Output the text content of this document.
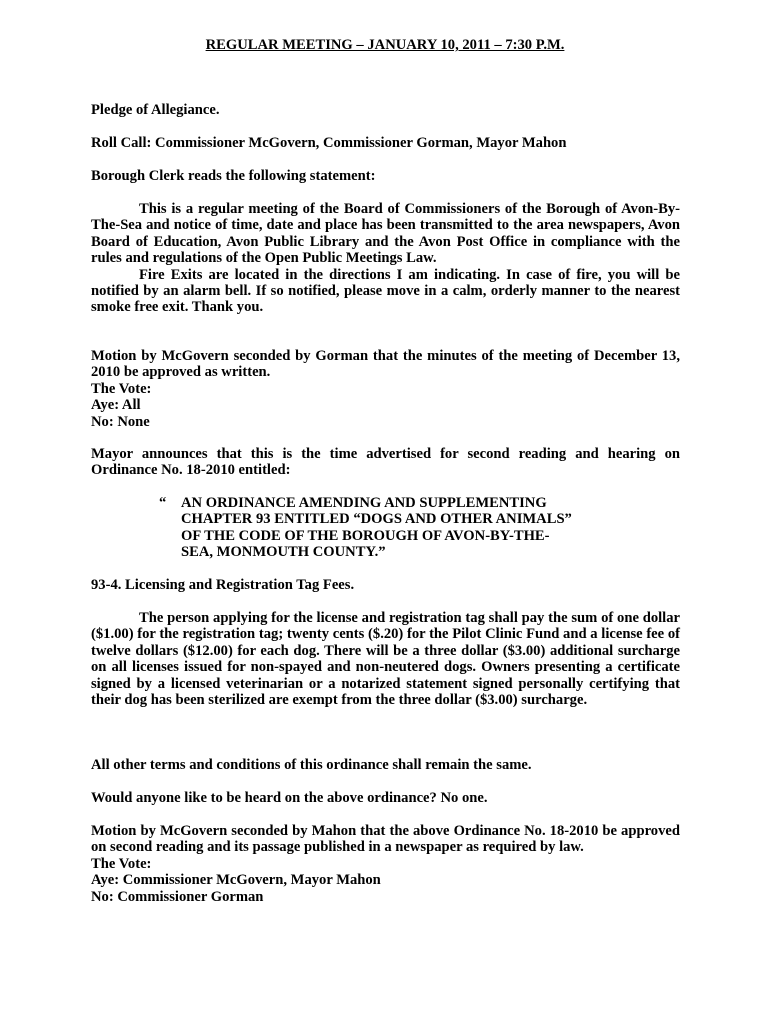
REGULAR MEETING – JANUARY 10, 2011 – 7:30 P.M.

Pledge of Allegiance.

Roll Call: Commissioner McGovern, Commissioner Gorman, Mayor Mahon

Borough Clerk reads the following statement:

This is a regular meeting of the Board of Commissioners of the Borough of Avon-By-The-Sea and notice of time, date and place has been transmitted to the area newspapers, Avon Board of Education, Avon Public Library and the Avon Post Office in compliance with the rules and regulations of the Open Public Meetings Law.

Fire Exits are located in the directions I am indicating. In case of fire, you will be notified by an alarm bell. If so notified, please move in a calm, orderly manner to the nearest smoke free exit. Thank you.

Motion by McGovern seconded by Gorman that the minutes of the meeting of December 13, 2010 be approved as written.
The Vote:
Aye: All
No: None

Mayor announces that this is the time advertised for second reading and hearing on Ordinance No. 18-2010 entitled:

“ AN ORDINANCE AMENDING AND SUPPLEMENTING
CHAPTER 93 ENTITLED “DOGS AND OTHER ANIMALS”
OF THE CODE OF THE BOROUGH OF AVON-BY-THE-
SEA, MONMOUTH COUNTY.”

93-4. Licensing and Registration Tag Fees.

The person applying for the license and registration tag shall pay the sum of one dollar ($1.00) for the registration tag; twenty cents ($.20) for the Pilot Clinic Fund and a license fee of twelve dollars ($12.00) for each dog. There will be a three dollar ($3.00) additional surcharge on all licenses issued for non-spayed and non-neutered dogs. Owners presenting a certificate signed by a licensed veterinarian or a notarized statement signed personally certifying that their dog has been sterilized are exempt from the three dollar ($3.00) surcharge.

All other terms and conditions of this ordinance shall remain the same.

Would anyone like to be heard on the above ordinance? No one.

Motion by McGovern seconded by Mahon that the above Ordinance No. 18-2010 be approved on second reading and its passage published in a newspaper as required by law.
The Vote:
Aye: Commissioner McGovern, Mayor Mahon
No: Commissioner Gorman
